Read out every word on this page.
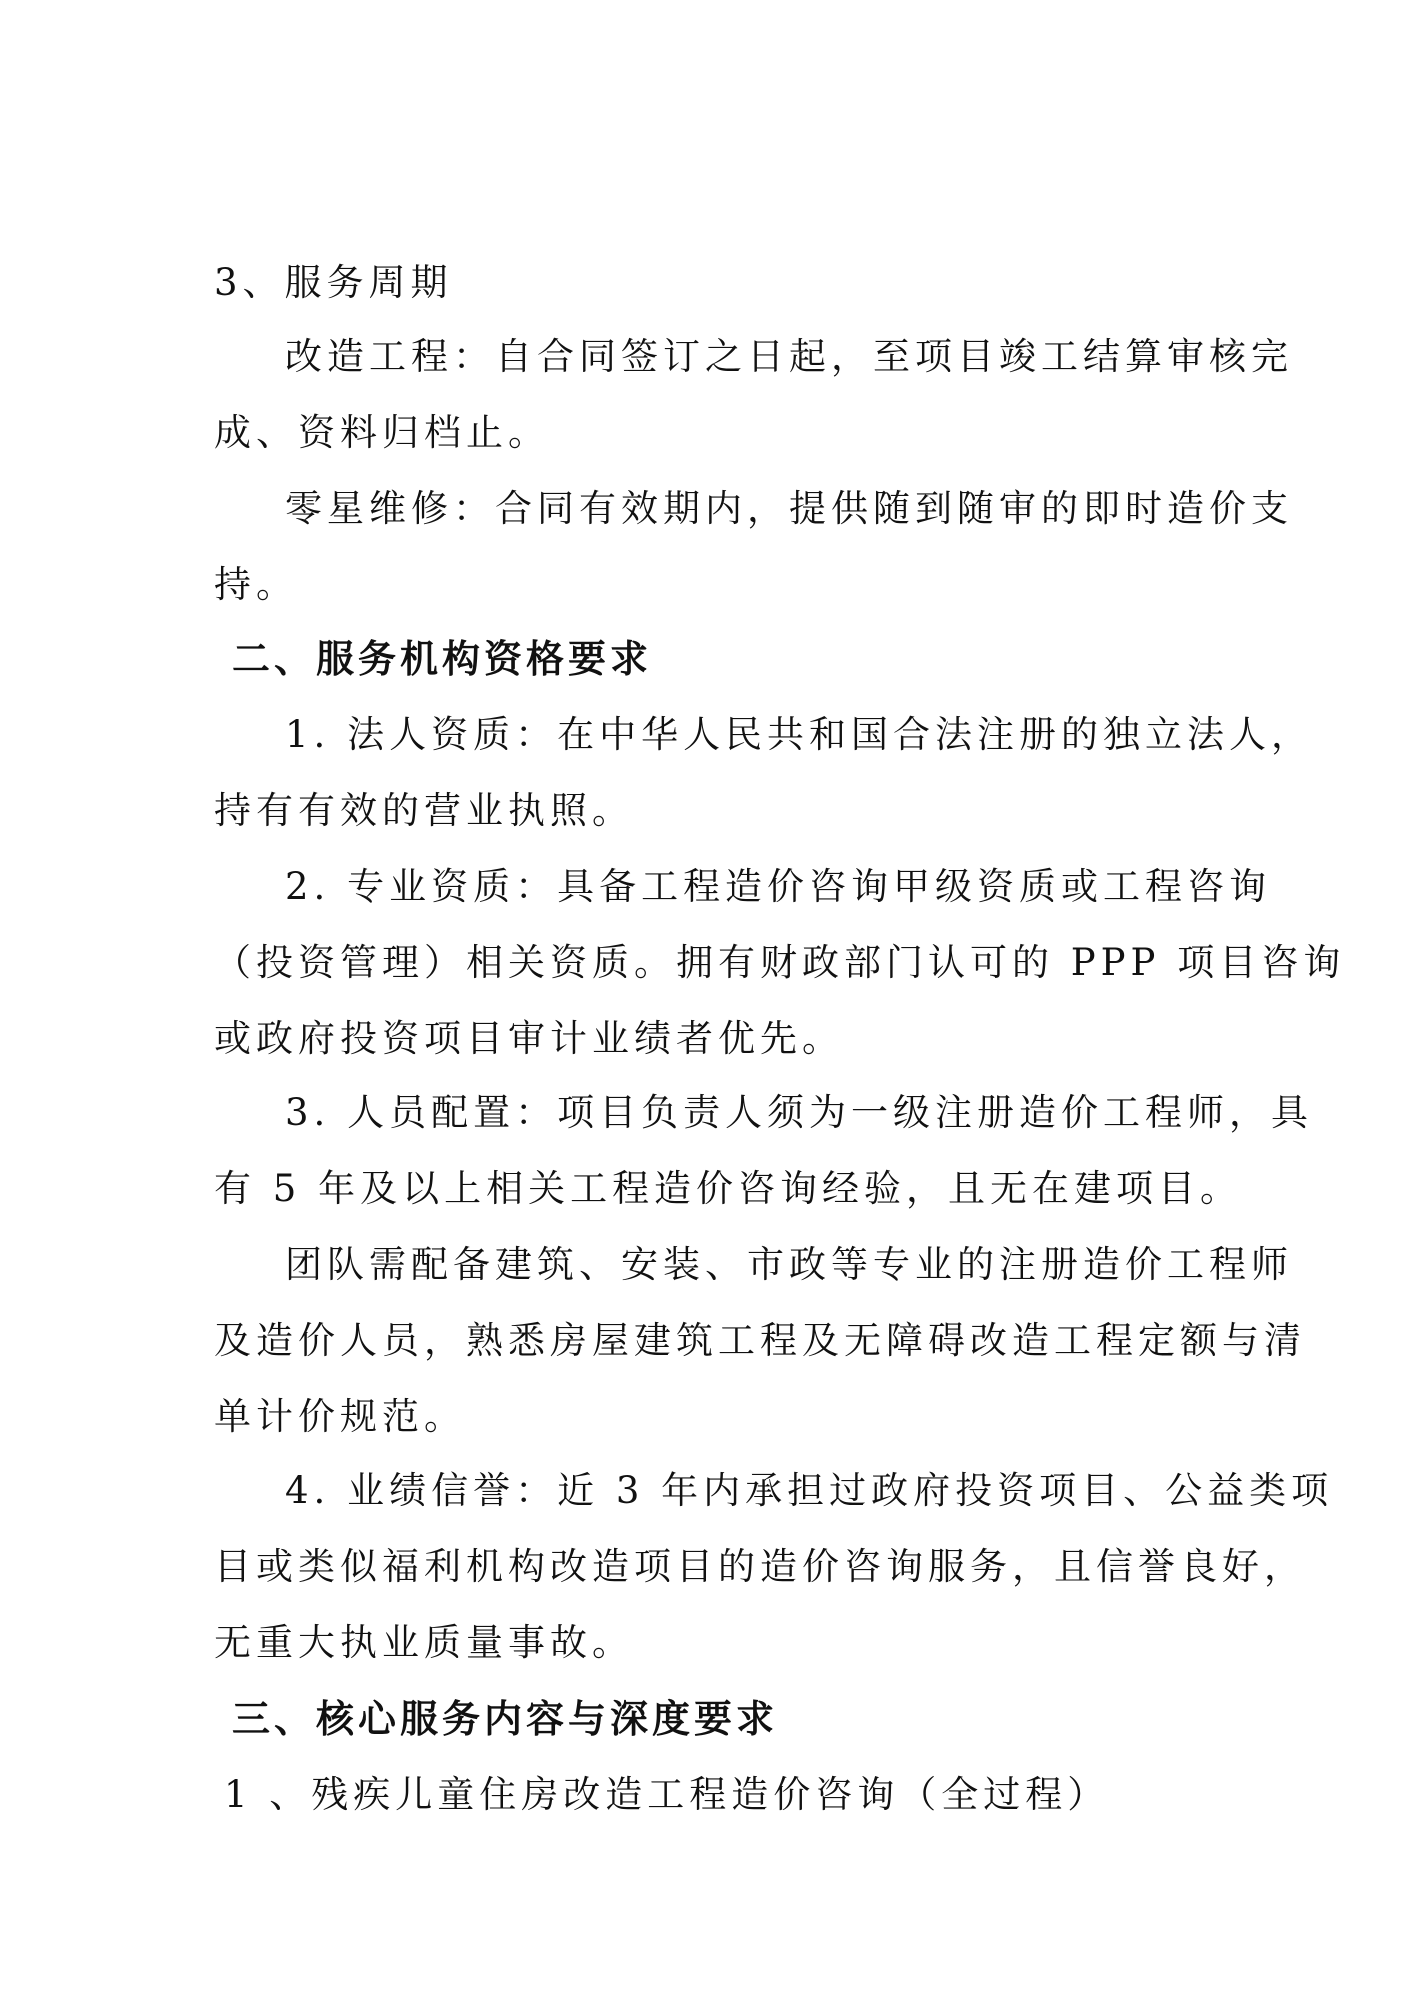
3、服务周期
改造工程：自合同签订之日起，至项目竣工结算审核完
成、资料归档止。
零星维修：合同有效期内，提供随到随审的即时造价支
持。
二、服务机构资格要求
1. 法人资质：在中华人民共和国合法注册的独立法人，
持有有效的营业执照。
2. 专业资质：具备工程造价咨询甲级资质或工程咨询
（投资管理）相关资质。拥有财政部门认可的 PPP 项目咨询
或政府投资项目审计业绩者优先。
3. 人员配置：项目负责人须为一级注册造价工程师，具
有 5 年及以上相关工程造价咨询经验，且无在建项目。
团队需配备建筑、安装、市政等专业的注册造价工程师
及造价人员，熟悉房屋建筑工程及无障碍改造工程定额与清
单计价规范。
4. 业绩信誉：近 3 年内承担过政府投资项目、公益类项
目或类似福利机构改造项目的造价咨询服务，且信誉良好，
无重大执业质量事故。
三、核心服务内容与深度要求
1 、残疾儿童住房改造工程造价咨询（全过程）
